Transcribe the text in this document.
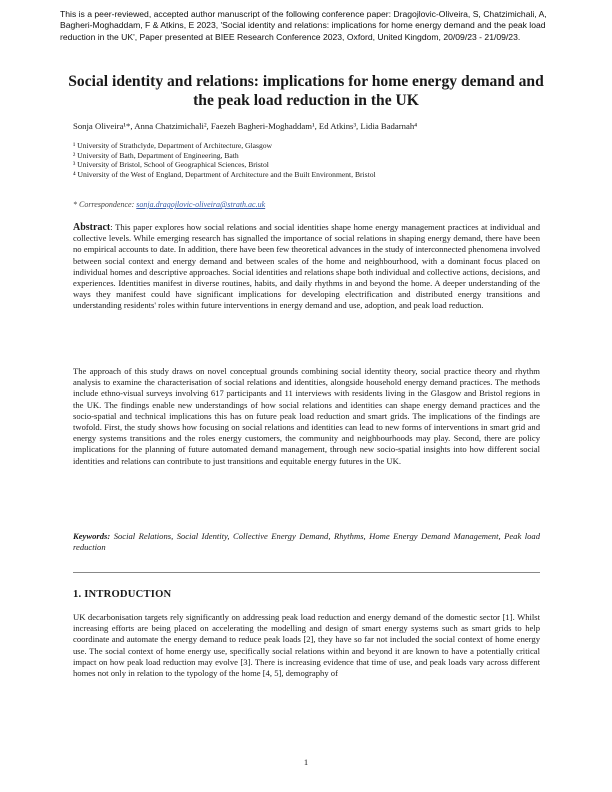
This is a peer-reviewed, accepted author manuscript of the following conference paper: Dragojlovic-Oliveira, S, Chatzimichali, A, Bagheri-Moghaddam, F & Atkins, E 2023, 'Social identity and relations: implications for home energy demand and the peak load reduction in the UK', Paper presented at BIEE Research Conference 2023, Oxford, United Kingdom, 20/09/23 - 21/09/23.
Social identity and relations: implications for home energy demand and the peak load reduction in the UK
Sonja Oliveira¹*, Anna Chatzimichali², Faezeh Bagheri-Moghaddam¹, Ed Atkins³, Lidia Badarnah⁴
¹ University of Strathclyde, Department of Architecture, Glasgow
² University of Bath, Department of Engineering, Bath
³ University of Bristol, School of Geographical Sciences, Bristol
⁴ University of the West of England, Department of Architecture and the Built Environment, Bristol
* Correspondence: sonja.dragojlovic-oliveira@strath.ac.uk
Abstract: This paper explores how social relations and social identities shape home energy management practices at individual and collective levels. While emerging research has signalled the importance of social relations in shaping energy demand, there have been no empirical accounts to date. In addition, there have been few theoretical advances in the study of interconnected phenomena involved between social context and energy demand and between scales of the home and neighbourhood, with a dominant focus placed on individual homes and descriptive approaches. Social identities and relations shape both individual and collective actions, decisions, and experiences. Identities manifest in diverse routines, habits, and daily rhythms in and beyond the home. A deeper understanding of the ways they manifest could have significant implications for developing electrification and distributed energy transitions and understanding residents' roles within future interventions in energy demand and use, adoption, and peak load reduction.
The approach of this study draws on novel conceptual grounds combining social identity theory, social practice theory and rhythm analysis to examine the characterisation of social relations and identities, alongside household energy demand practices. The methods include ethno-visual surveys involving 617 participants and 11 interviews with residents living in the Glasgow and Bristol regions in the UK. The findings enable new understandings of how social relations and identities can shape energy demand practices and the socio-spatial and technical implications this has on future peak load reduction and smart grids. The implications of the findings are twofold. First, the study shows how focusing on social relations and identities can lead to new forms of interventions in smart grid and energy systems transitions and the roles energy customers, the community and neighbourhoods may play. Second, there are policy implications for the planning of future automated demand management, through new socio-spatial insights into how different social identities and relations can contribute to just transitions and equitable energy futures in the UK.
Keywords: Social Relations, Social Identity, Collective Energy Demand, Rhythms, Home Energy Demand Management, Peak load reduction
1. INTRODUCTION
UK decarbonisation targets rely significantly on addressing peak load reduction and energy demand of the domestic sector [1]. Whilst increasing efforts are being placed on accelerating the modelling and design of smart energy systems such as smart grids to help coordinate and automate the energy demand to reduce peak loads [2], they have so far not included the social context of home energy use. The social context of home energy use, specifically social relations within and beyond it are known to have a potentially critical impact on how peak load reduction may evolve [3]. There is increasing evidence that time of use, and peak loads vary across different homes not only in relation to the typology of the home [4, 5], demography of
1
